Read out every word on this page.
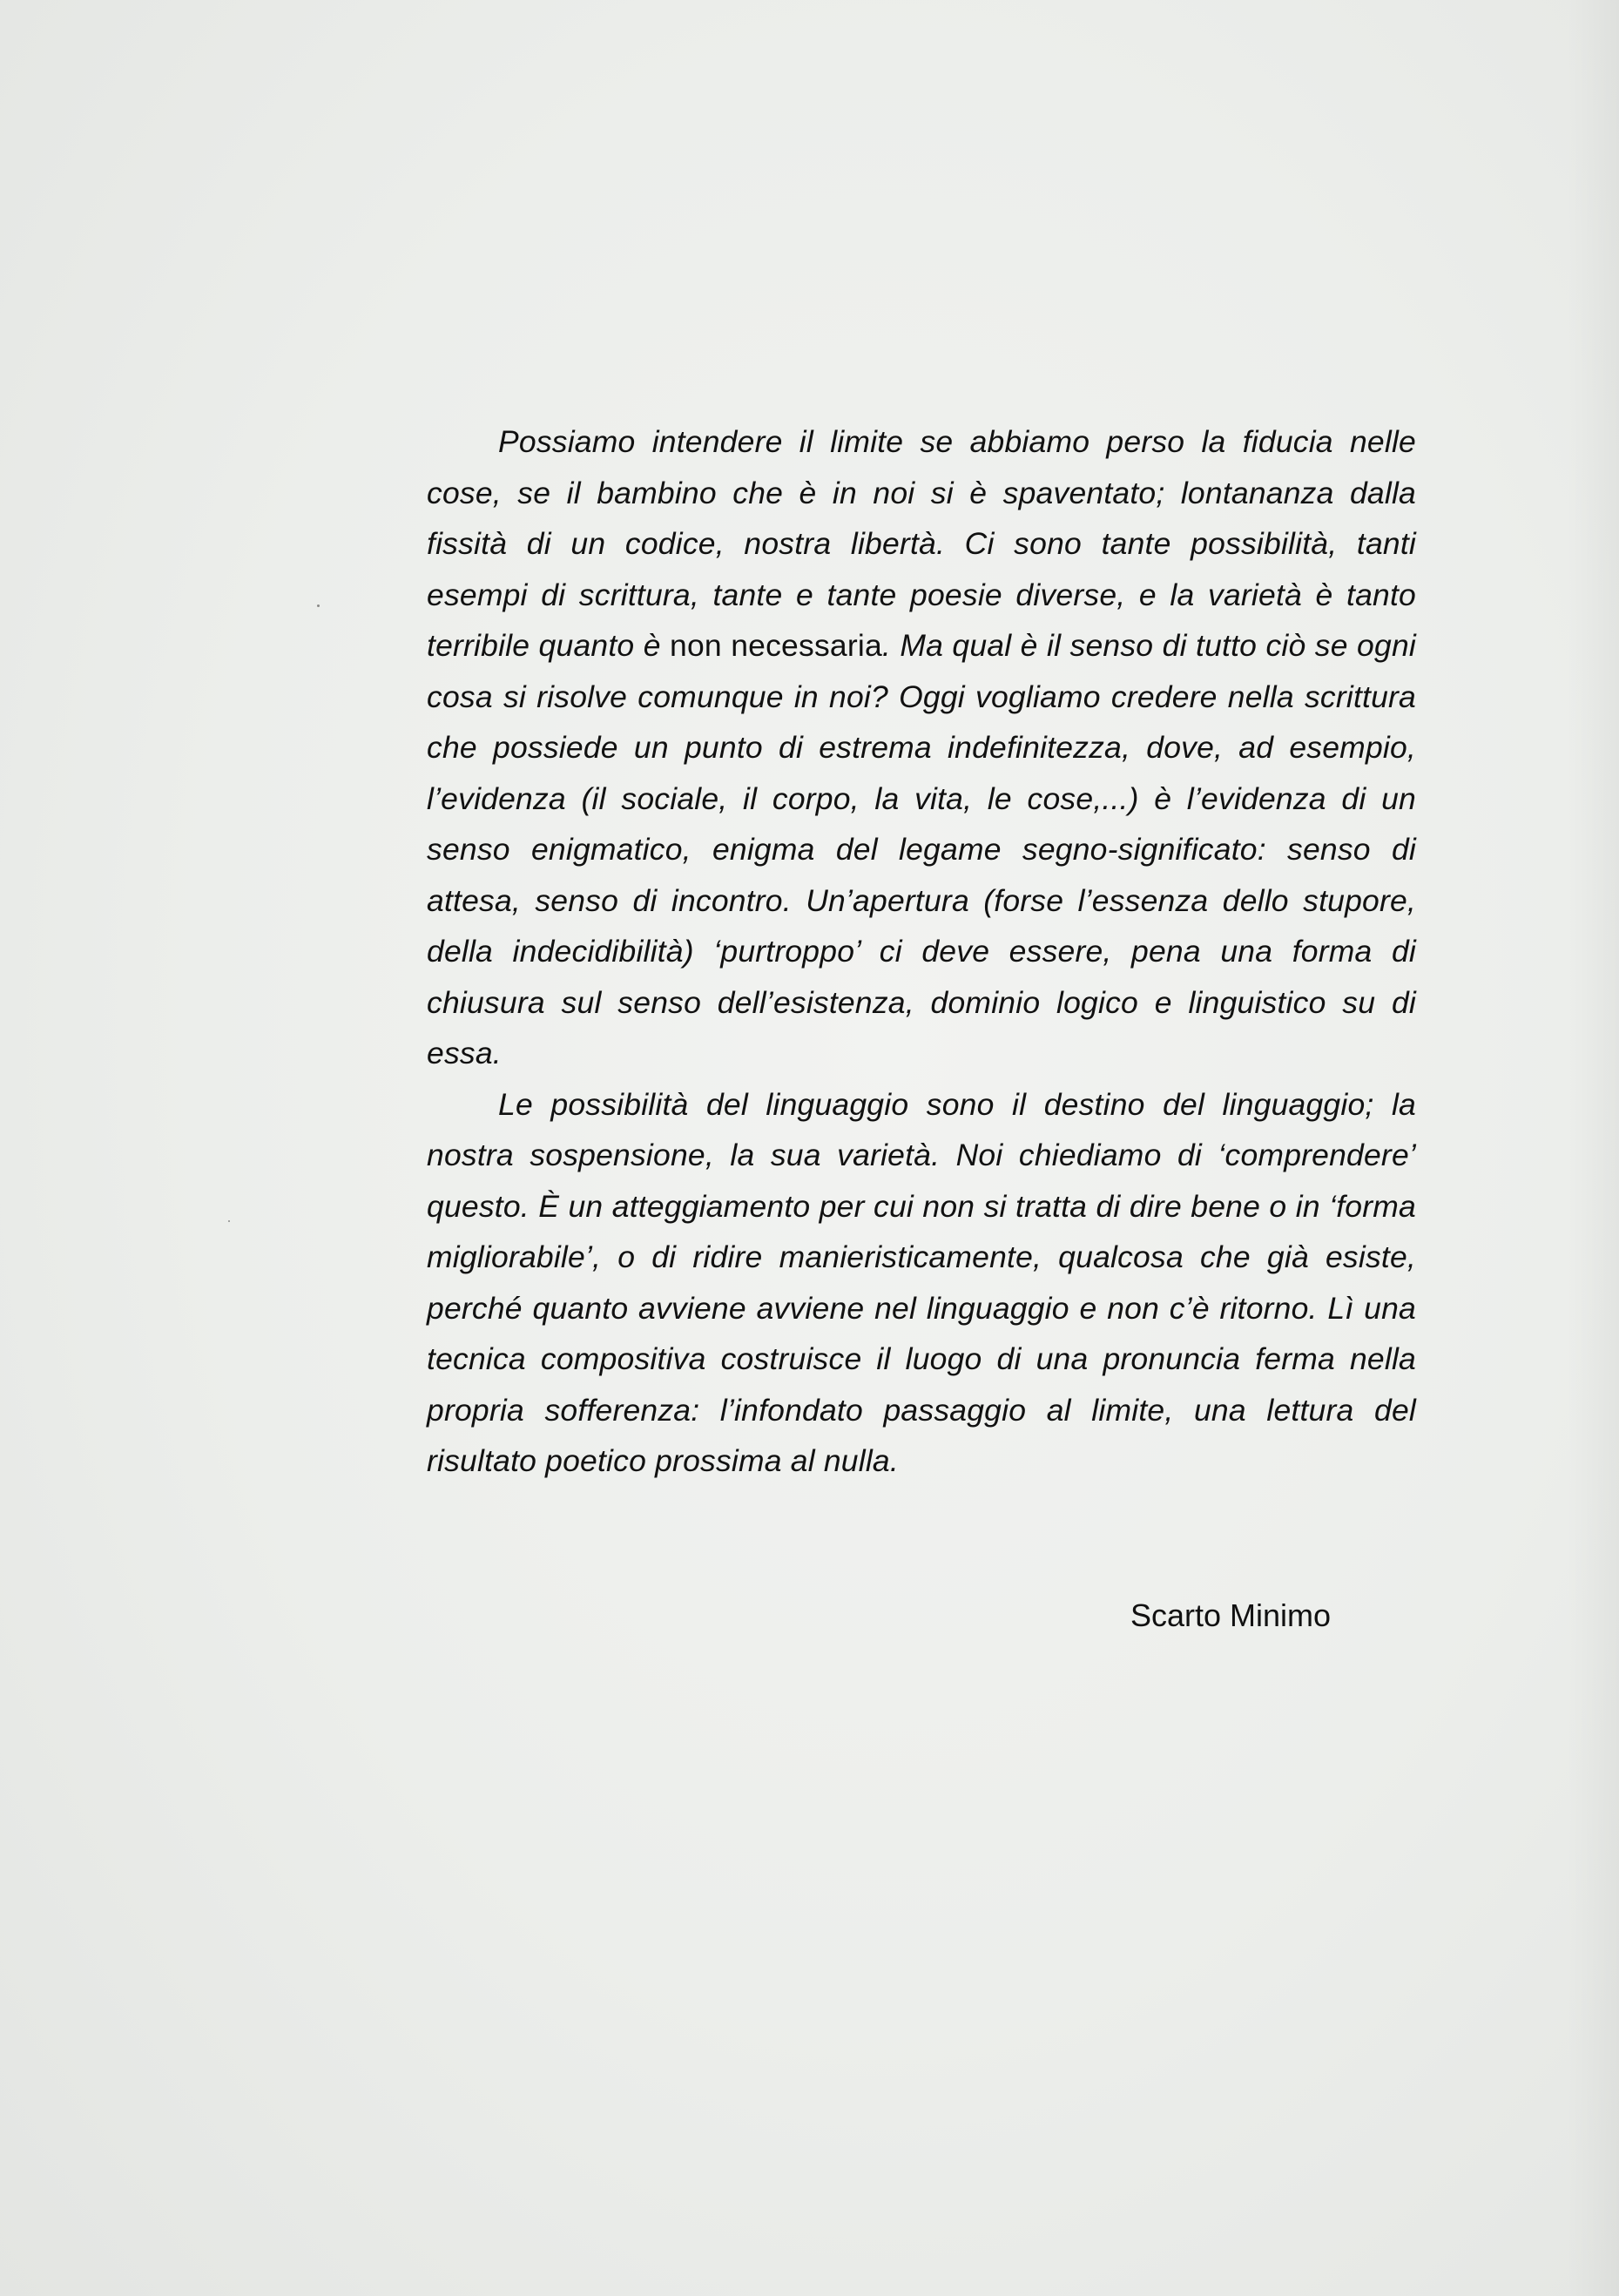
Possiamo intendere il limite se abbiamo perso la fiducia nelle cose, se il bambino che è in noi si è spaventato; lontananza dalla fissità di un codice, nostra libertà. Ci sono tante possibilità, tanti esempi di scrittura, tante e tante poesie diverse, e la varietà è tanto terribile quanto è non necessaria. Ma qual è il senso di tutto ciò se ogni cosa si risolve comunque in noi? Oggi vogliamo credere nella scrittura che possiede un punto di estrema indefinitezza, dove, ad esempio, l’evidenza (il sociale, il corpo, la vita, le cose,...) è l’evidenza di un senso enigmatico, enigma del legame segno-significato: senso di attesa, senso di incontro. Un’apertura (forse l’essenza dello stupore, della indecidibilità) ‘purtroppo’ ci deve essere, pena una forma di chiusura sul senso dell’esistenza, dominio logico e linguistico su di essa.

Le possibilità del linguaggio sono il destino del linguaggio; la nostra sospensione, la sua varietà. Noi chiediamo di ‘comprendere’ questo. È un atteggiamento per cui non si tratta di dire bene o in ‘forma migliorabile’, o di ridire manieristicamente, qualcosa che già esiste, perché quanto avviene avviene nel linguaggio e non c’è ritorno. Lì una tecnica compositiva costruisce il luogo di una pronuncia ferma nella propria sofferenza: l’infondato passaggio al limite, una lettura del risultato poetico prossima al nulla.

Scarto Minimo
